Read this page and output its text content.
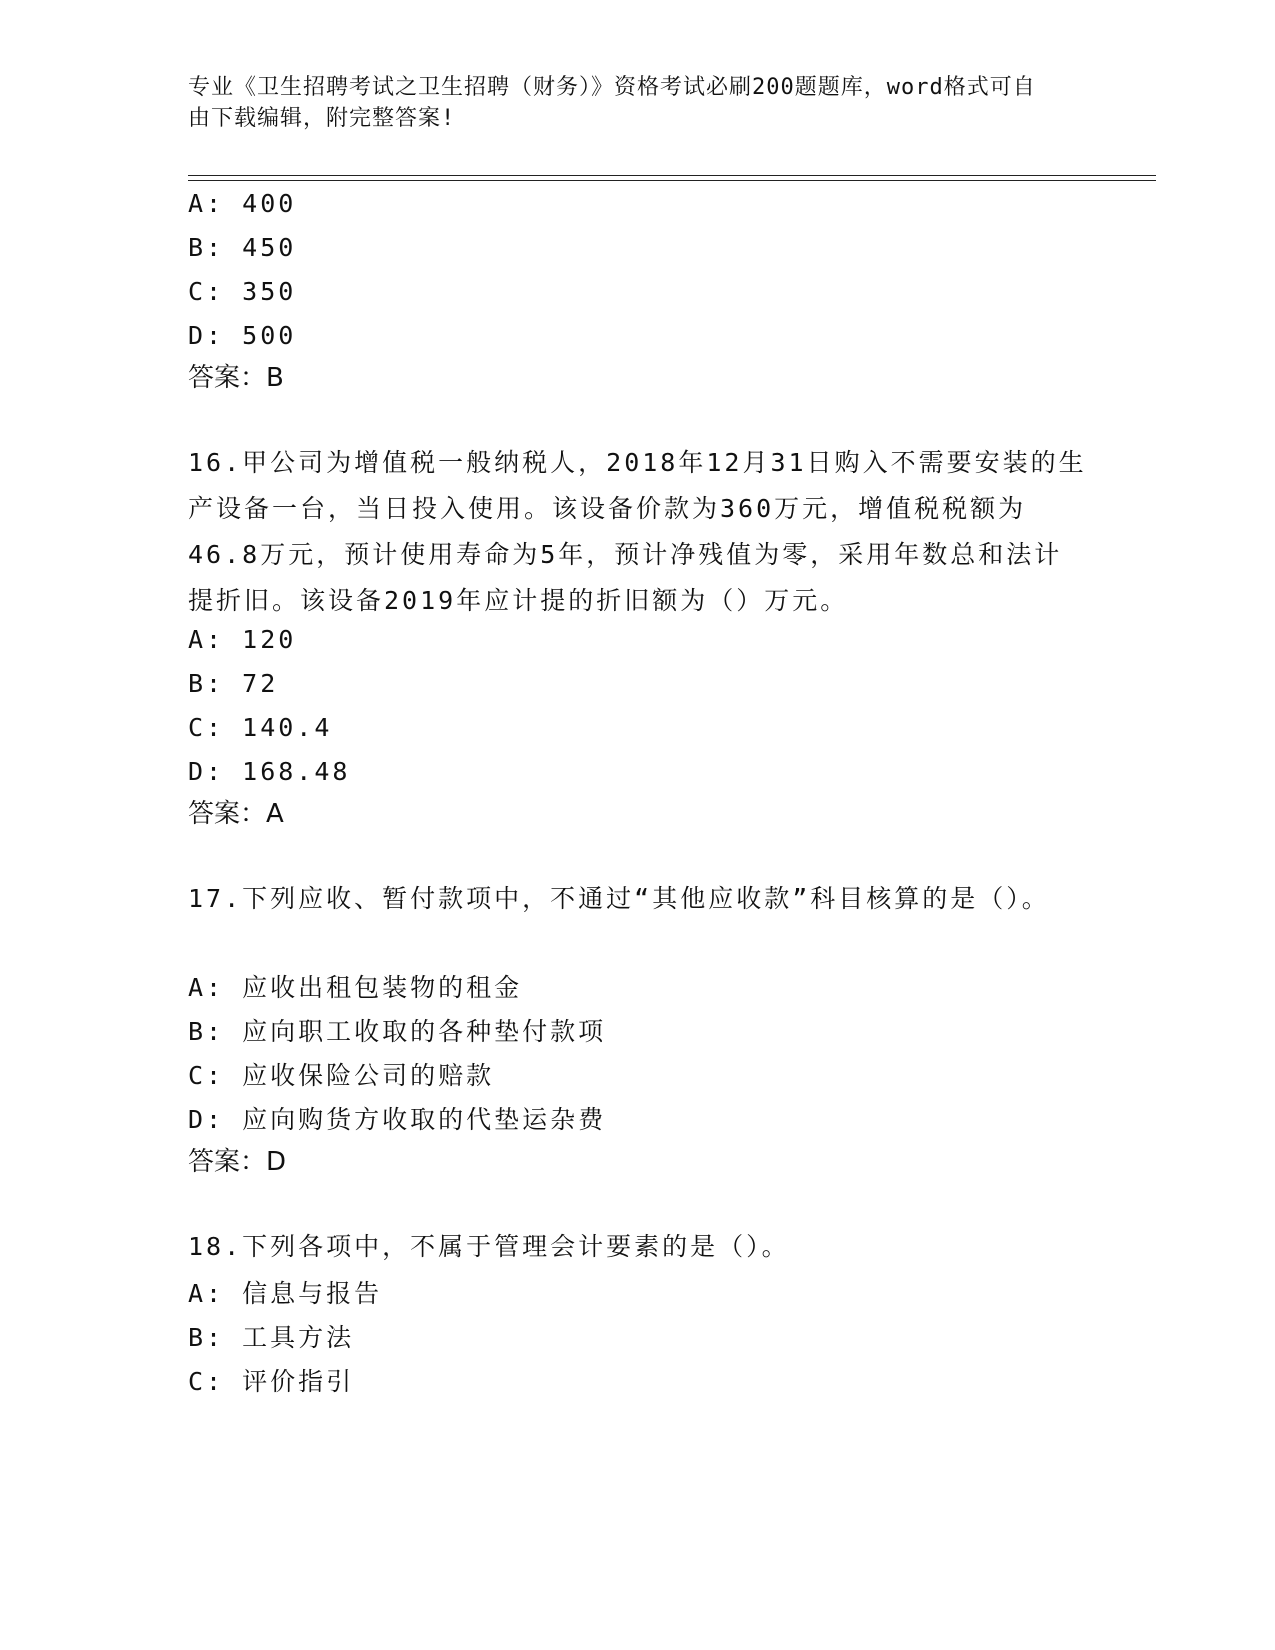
专业《卫生招聘考试之卫生招聘（财务）》资格考试必刷200题题库，word格式可自由下载编辑，附完整答案!
A: 400
B: 450
C: 350
D: 500
答案：B
16.甲公司为增值税一般纳税人，2018年12月31日购入不需要安装的生产设备一台，当日投入使用。该设备价款为360万元，增值税税额为46.8万元，预计使用寿命为5年，预计净残值为零，采用年数总和法计提折旧。该设备2019年应计提的折旧额为（）万元。
A: 120
B: 72
C: 140.4
D: 168.48
答案：A
17.下列应收、暂付款项中，不通过“其他应收款”科目核算的是（）。
A: 应收出租包装物的租金
B: 应向职工收取的各种垫付款项
C: 应收保险公司的赔款
D: 应向购货方收取的代垫运杂费
答案：D
18.下列各项中，不属于管理会计要素的是（）。
A: 信息与报告
B: 工具方法
C: 评价指引
